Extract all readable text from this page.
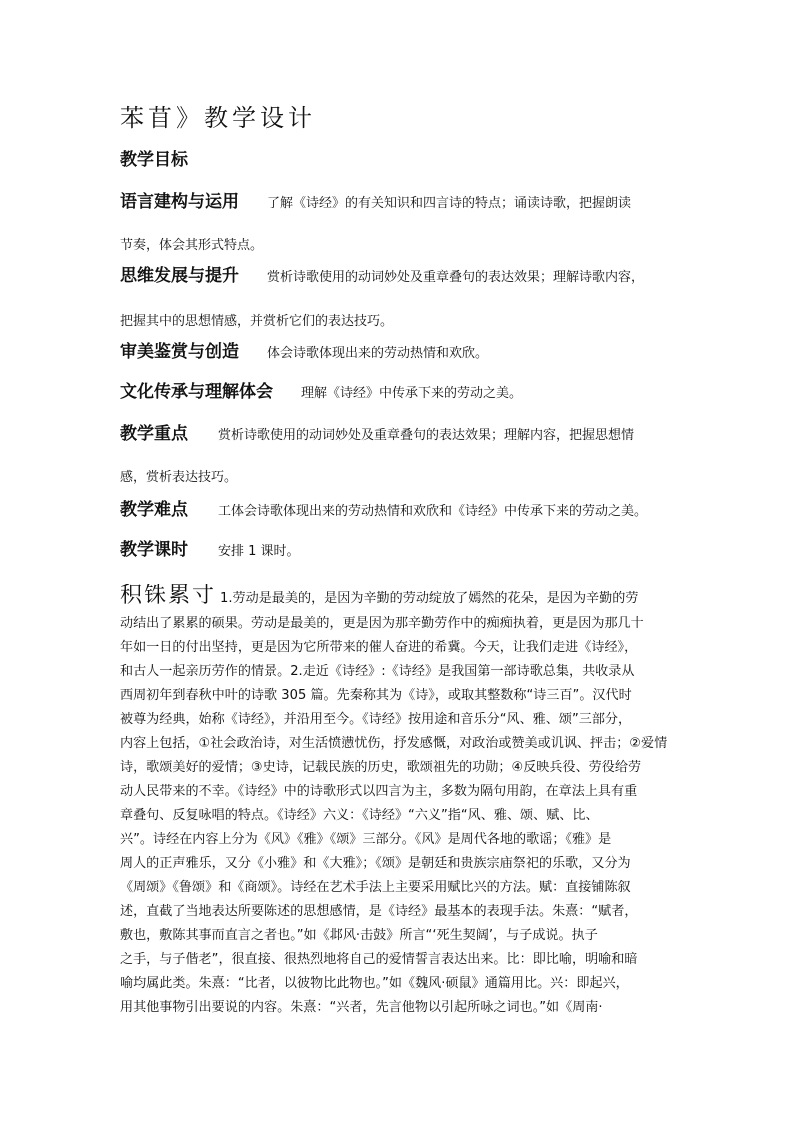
苯苜》教学设计
教学目标
语言建构与运用 了解《诗经》的有关知识和四言诗的特点；诵读诗歌，把握朗读
节奏，体会其形式特点。
思维发展与提升 赏析诗歌使用的动词妙处及重章叠句的表达效果；理解诗歌内容，
把握其中的思想情感，并赏析它们的表达技巧。
审美鉴赏与创造 体会诗歌体现出来的劳动热情和欢欣。
文化传承与理解体会 理解《诗经》中传承下来的劳动之美。
教学重点 赏析诗歌使用的动词妙处及重章叠句的表达效果；理解内容，把握思想情
感，赏析表达技巧。
教学难点 工体会诗歌体现出来的劳动热情和欢欣和《诗经》中传承下来的劳动之美。
教学课时 安排 1 课时。
积铢累寸 1.劳动是最美的，是因为辛勤的劳动绽放了嫣然的花朵，是因为辛勤的劳
动结出了累累的硕果。劳动是最美的，更是因为那辛勤劳作中的痴痴执着，更是因为那几十
年如一日的付出坚持，更是因为它所带来的催人奋进的希冀。今天，让我们走进《诗经》，
和古人一起亲历劳作的情景。2.走近《诗经》:《诗经》是我国第一部诗歌总集，共收录从
西周初年到春秋中叶的诗歌 305 篇。先秦称其为《诗》，或取其整数称“诗三百”。汉代时
被尊为经典，始称《诗经》，并沿用至今。《诗经》按用途和音乐分“风、雅、颂”三部分，
内容上包括，①社会政治诗，对生活愤懑忧伤，抒发感慨，对政治或赞美或讥讽、抨击；②爱情
诗，歌颂美好的爱情；③史诗，记载民族的历史，歌颂祖先的功勋；④反映兵役、劳役给劳
动人民带来的不幸。《诗经》中的诗歌形式以四言为主，多数为隔句用韵，在章法上具有重
章叠句、反复咏唱的特点。《诗经》六义：《诗经》“六义”指“风、雅、颂、赋、比、
兴”。诗经在内容上分为《风》《雅》《颂》三部分。《风》是周代各地的歌谣；《雅》是
周人的正声雅乐，又分《小雅》和《大雅》；《颂》是朝廷和贵族宗庙祭祀的乐歌，又分为
《周颂》《鲁颂》和《商颂》。诗经在艺术手法上主要采用赋比兴的方法。赋：直接铺陈叙
述，直截了当地表达所要陈述的思想感情，是《诗经》最基本的表现手法。朱熹：“赋者，
敷也，敷陈其事而直言之者也。”如《邶风·击鼓》所言“‘死生契阔’，与子成说。执子
之手，与子偕老”，很直接、很热烈地将自己的爱情誓言表达出来。比：即比喻，明喻和暗
喻均属此类。朱熹：“比者，以彼物比此物也。”如《魏风·硕鼠》通篇用比。兴：即起兴，
用其他事物引出要说的内容。朱熹：“兴者，先言他物以引起所咏之词也。”如《周南·
